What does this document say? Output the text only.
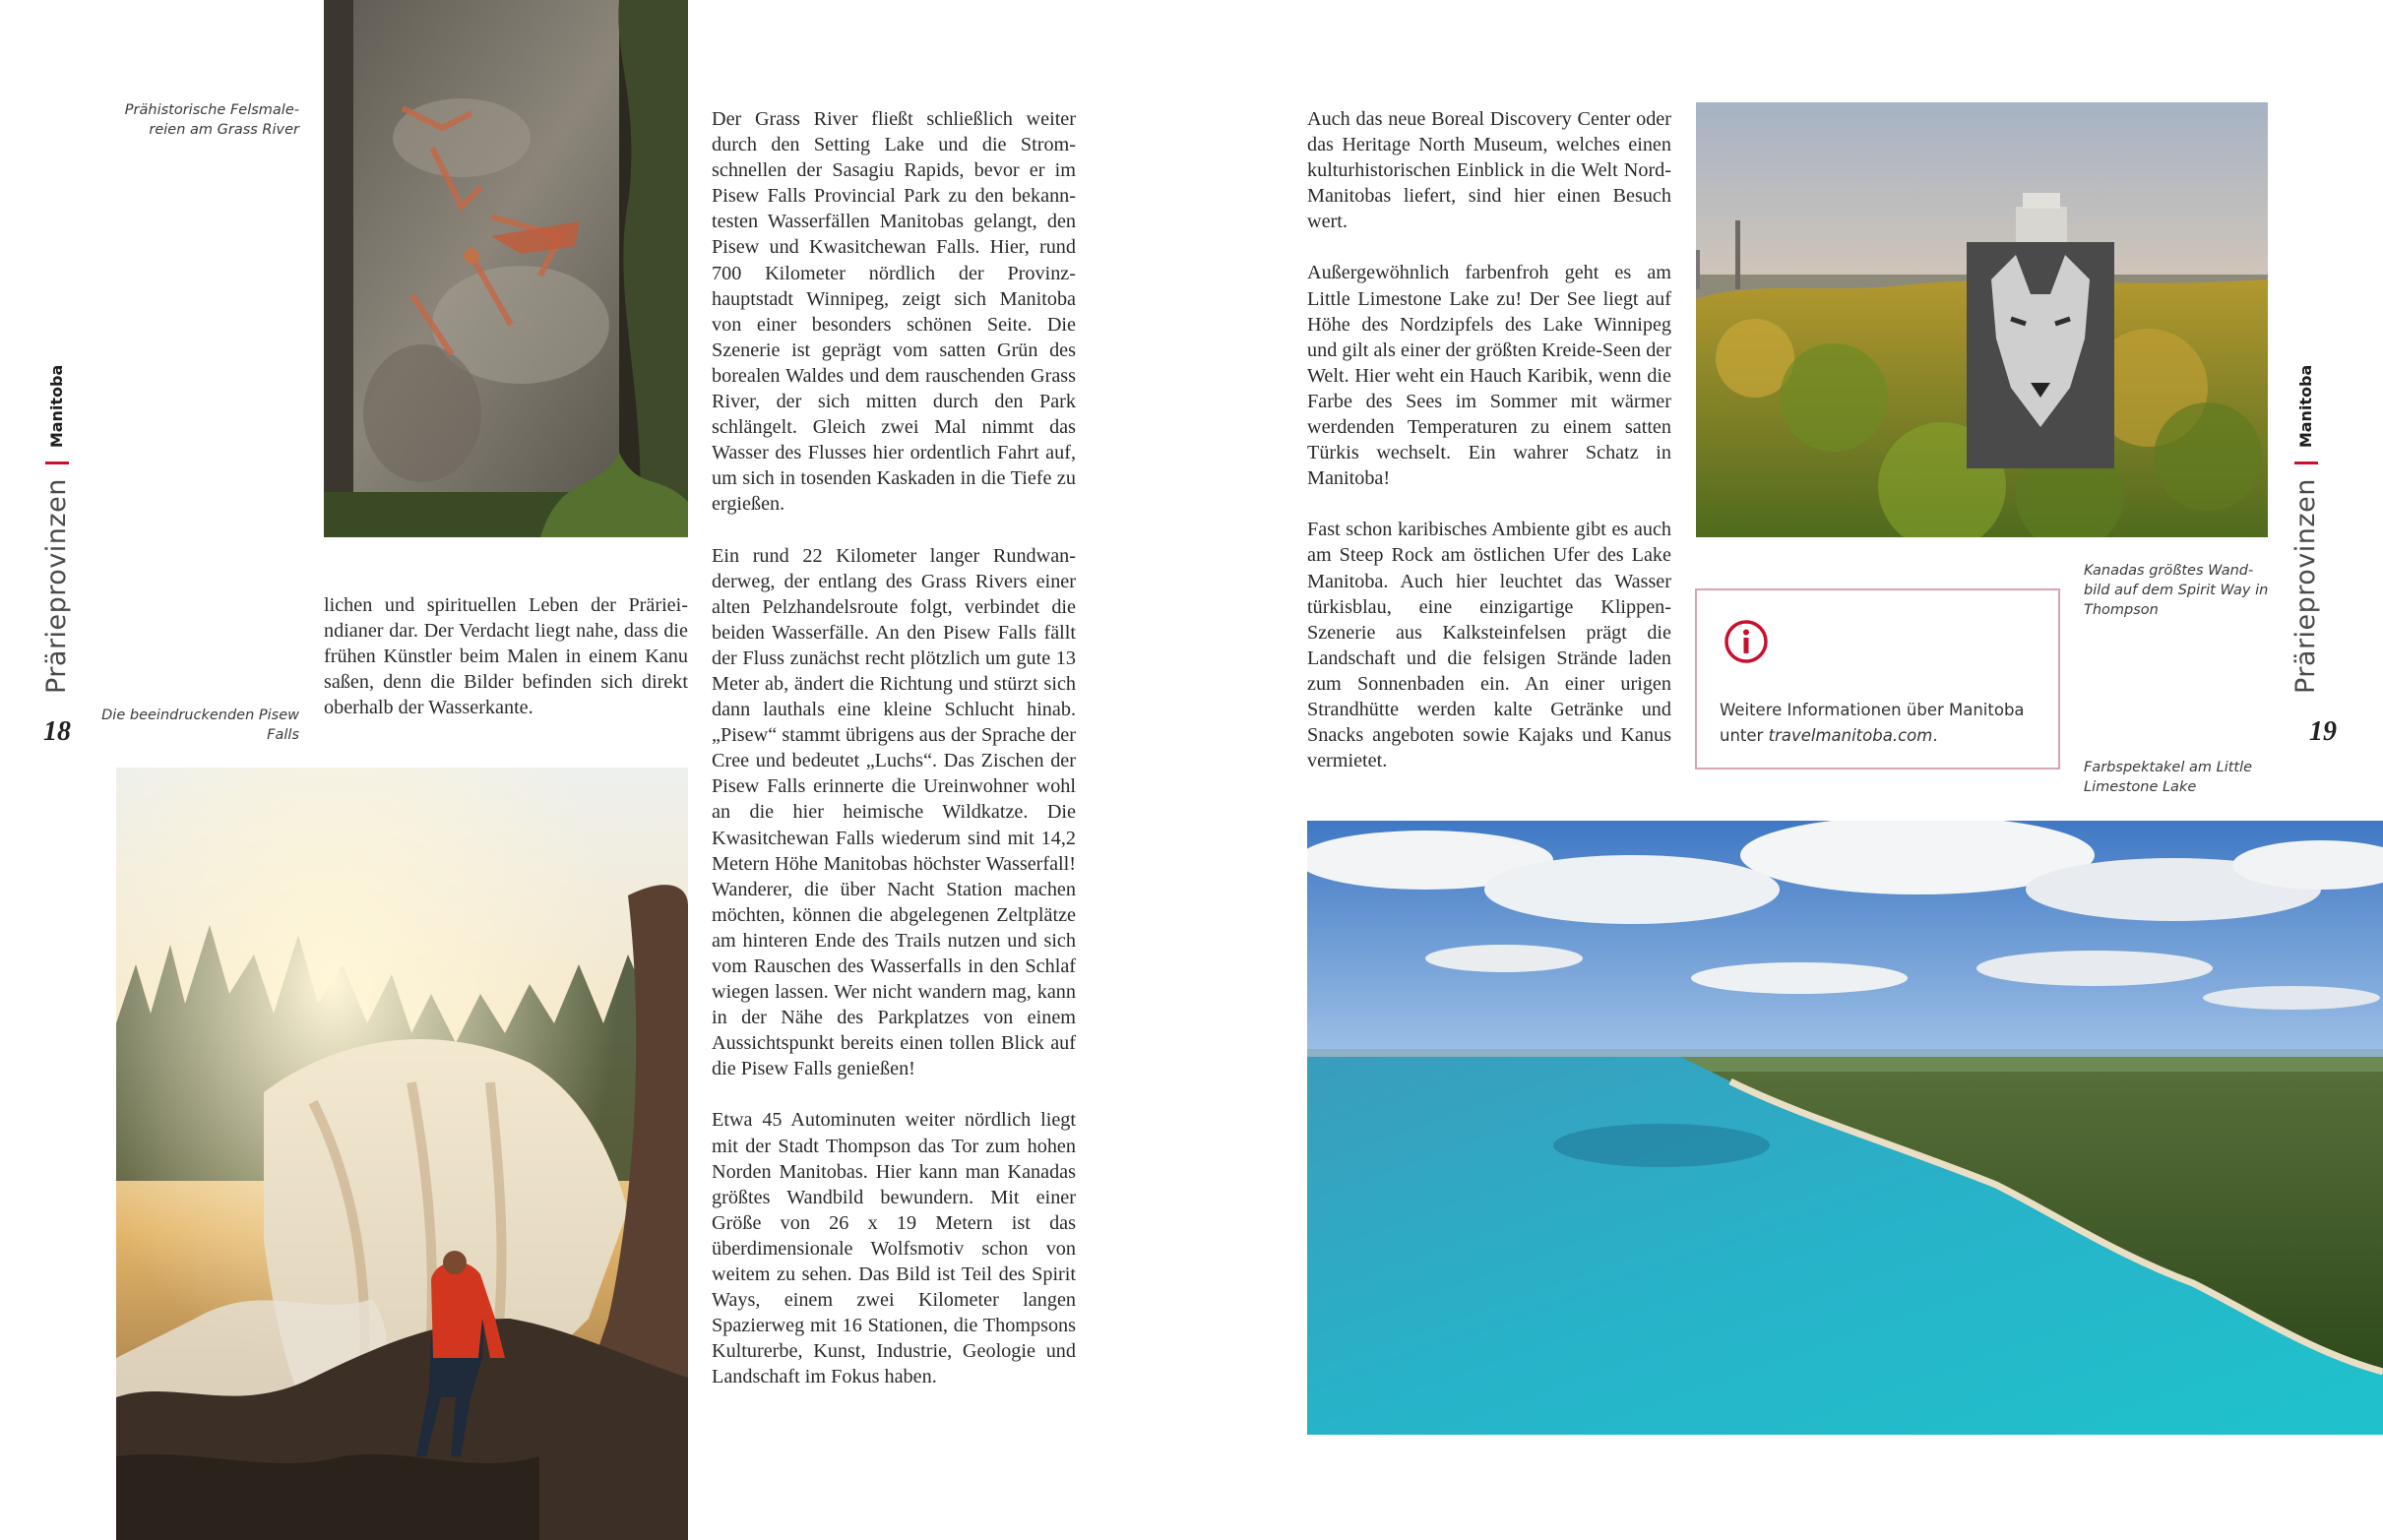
Prähistorische Felsmale-reien am Grass River
Prärieprovinzen
Manitoba
18

lichen und spirituellen Leben der Prärieindianer dar. Der Verdacht liegt nahe, dass die frühen Künstler beim Malen in einem Kanu saßen, denn die Bilder befinden sich direkt oberhalb der Wasserkante.

Die beeindruckenden Pisew Falls

Der Grass River fließt schließlich weiter durch den Setting Lake und die Stromschnellen der Sasagiu Rapids, bevor er im Pisew Falls Provincial Park zu den bekanntesten Wasserfällen Manitobas gelangt, den Pisew und Kwasitchewan Falls. Hier, rund 700 Kilometer nördlich der Provinzhauptstadt Winnipeg, zeigt sich Manitoba von einer besonders schönen Seite. Die Szenerie ist geprägt vom satten Grün des borealen Waldes und dem rauschenden Grass River, der sich mitten durch den Park schlängelt. Gleich zwei Mal nimmt das Wasser des Flusses hier ordentlich Fahrt auf, um sich in tosenden Kaskaden in die Tiefe zu ergießen.

Ein rund 22 Kilometer langer Rundwanderweg, der entlang des Grass Rivers einer alten Pelzhandelsroute folgt, verbindet die beiden Wasserfälle. An den Pisew Falls fällt der Fluss zunächst recht plötzlich um gute 13 Meter ab, ändert die Richtung und stürzt sich dann lauthals eine kleine Schlucht hinab. „Pisew“ stammt übrigens aus der Sprache der Cree und bedeutet „Luchs“. Das Zischen der Pisew Falls erinnerte die Ureinwohner wohl an die hier heimische Wildkatze. Die Kwasitchewan Falls wiederum sind mit 14,2 Metern Höhe Manitobas höchster Wasserfall! Wanderer, die über Nacht Station machen möchten, können die abgelegenen Zeltplätze am hinteren Ende des Trails nutzen und sich vom Rauschen des Wasserfalls in den Schlaf wiegen lassen. Wer nicht wandern mag, kann in der Nähe des Parkplatzes von einem Aussichtspunkt bereits einen tollen Blick auf die Pisew Falls genießen!

Etwa 45 Autominuten weiter nördlich liegt mit der Stadt Thompson das Tor zum hohen Norden Manitobas. Hier kann man Kanadas größtes Wandbild bewundern. Mit einer Größe von 26 x 19 Metern ist das überdimensionale Wolfsmotiv schon von weitem zu sehen. Das Bild ist Teil des Spirit Ways, einem zwei Kilometer langen Spazierweg mit 16 Stationen, die Thompsons Kulturerbe, Kunst, Industrie, Geologie und Landschaft im Fokus haben.

Auch das neue Boreal Discovery Center oder das Heritage North Museum, welches einen kulturhistorischen Einblick in die Welt Nord-Manitobas liefert, sind hier einen Besuch wert.

Außergewöhnlich farbenfroh geht es am Little Limestone Lake zu! Der See liegt auf Höhe des Nordzipfels des Lake Winnipeg und gilt als einer der größten Kreide-Seen der Welt. Hier weht ein Hauch Karibik, wenn die Farbe des Sees im Sommer mit wärmer werdenden Temperaturen zu einem satten Türkis wechselt. Ein wahrer Schatz in Manitoba!

Fast schon karibisches Ambiente gibt es auch am Steep Rock am östlichen Ufer des Lake Manitoba. Auch hier leuchtet das Wasser türkisblau, eine einzigartige Klippen-Szenerie aus Kalksteinfelsen prägt die Landschaft und die felsigen Strände laden zum Sonnenbaden ein. An einer urigen Strandhütte werden kalte Getränke und Snacks angeboten sowie Kajaks und Kanus vermietet.

Kanadas größtes Wand-bild auf dem Spirit Way in Thompson
Weitere Informationen über Manitoba unter travelmanitoba.com.
Farbspektakel am Little Limestone Lake
Prärieprovinzen
Manitoba
19
